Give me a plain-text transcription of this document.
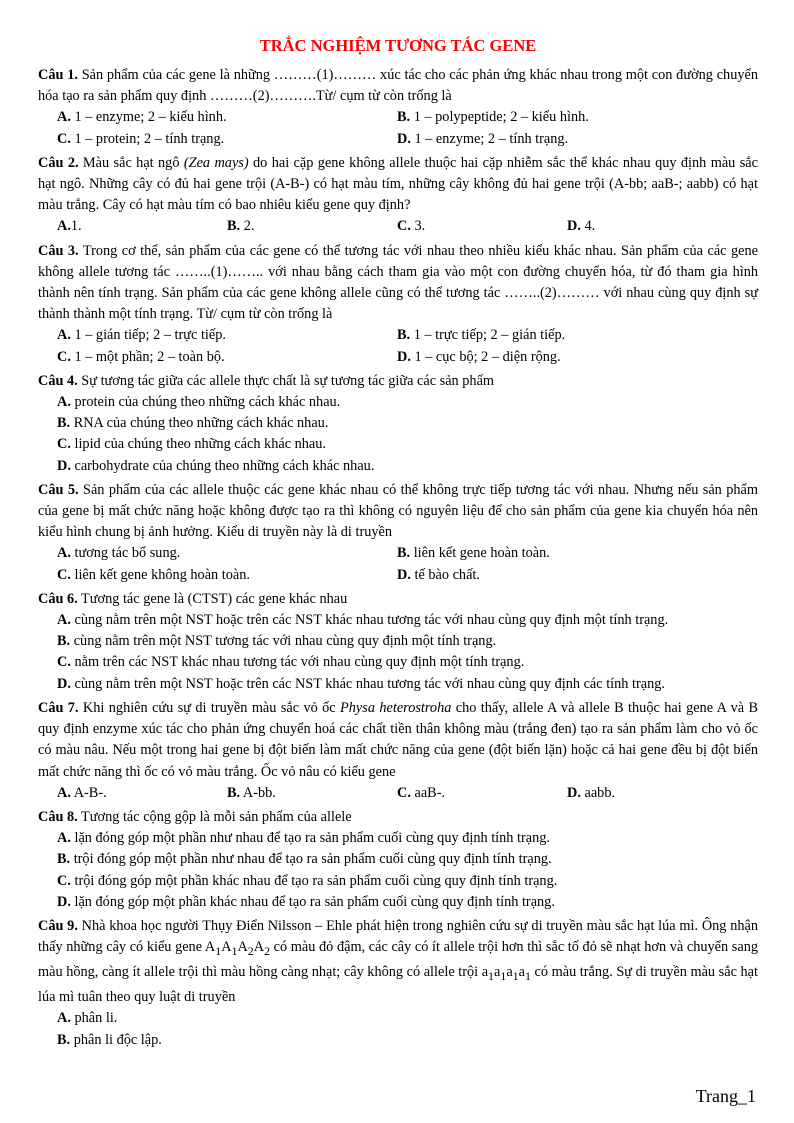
TRẮC NGHIỆM TƯƠNG TÁC GENE

Câu 1. Sản phẩm của các gene là những ………(1)……… xúc tác cho các phản ứng khác nhau trong một con đường chuyển hóa tạo ra sản phẩm quy định ………(2)……….Từ/ cụm từ còn trống là

A. 1 – enzyme; 2 – kiểu hình.	B. 1 – polypeptide; 2 – kiểu hình.
C. 1 – protein; 2 – tính trạng.	D. 1 – enzyme; 2 – tính trạng.

Câu 2. Màu sắc hạt ngô (Zea mays) do hai cặp gene không allele thuộc hai cặp nhiễm sắc thể khác nhau quy định màu sắc hạt ngô. Những cây có đủ hai gene trội (A-B-) có hạt màu tím, những cây không đủ hai gene trội (A-bb; aaB-; aabb) có hạt màu trắng. Cây có hạt màu tím có bao nhiêu kiểu gene quy định?

A.1.	B. 2.	C. 3.	D. 4.

Câu 3. Trong cơ thể, sản phẩm của các gene có thể tương tác với nhau theo nhiều kiểu khác nhau. Sản phẩm của các gene không allele tương tác ……..(1)…….. với nhau bằng cách tham gia vào một con đường chuyển hóa, từ đó tham gia hình thành nên tính trạng. Sản phẩm của các gene không allele cũng có thể tương tác ……..(2)……… với nhau cùng quy định sự thành thành một tính trạng. Từ/ cụm từ còn trống là

A. 1 – gián tiếp; 2 – trực tiếp.	B. 1 – trực tiếp; 2 – gián tiếp.
C. 1 – một phần; 2 – toàn bộ.	D. 1 – cục bộ; 2 – diện rộng.

Câu 4. Sự tương tác giữa các allele thực chất là sự tương tác giữa các sản phẩm

A. protein của chúng theo những cách khác nhau.
B. RNA của chúng theo những cách khác nhau.
C. lipid của chúng theo những cách khác nhau.
D. carbohydrate của chúng theo những cách khác nhau.

Câu 5. Sản phẩm của các allele thuộc các gene khác nhau có thể không trực tiếp tương tác với nhau. Nhưng nếu sản phẩm của gene bị mất chức năng hoặc không được tạo ra thì không có nguyên liệu để cho sản phẩm của gene kia chuyển hóa nên kiểu hình chung bị ảnh hưởng. Kiểu di truyền này là di truyền

A. tương tác bổ sung.	B. liên kết gene hoàn toàn.
C. liên kết gene không hoàn toàn.	D. tế bào chất.

Câu 6. Tương tác gene là (CTST) các gene khác nhau

A. cùng nằm trên một NST hoặc trên các NST khác nhau tương tác với nhau cùng quy định một tính trạng.
B. cùng nằm trên một NST tương tác với nhau cùng quy định một tính trạng.
C. nằm trên các NST khác nhau tương tác với nhau cùng quy định một tính trạng.
D. cùng nằm trên một NST hoặc trên các NST khác nhau tương tác với nhau cùng quy định các tính trạng.

Câu 7. Khi nghiên cứu sự di truyền màu sắc vỏ ốc Physa heterostroha cho thấy, allele A và allele B thuộc hai gene A và B quy định enzyme xúc tác cho phản ứng chuyển hoá các chất tiền thân không màu (trắng đen) tạo ra sản phẩm làm cho vỏ ốc có màu nâu. Nếu một trong hai gene bị đột biến làm mất chức năng của gene (đột biến lặn) hoặc cả hai gene đều bị đột biến mất chức năng thì ốc có vỏ màu trắng. Ốc vỏ nâu có kiểu gene

A. A-B-.	B. A-bb.	C. aaB-.	D. aabb.

Câu 8. Tương tác cộng gộp là mỗi sản phẩm của allele

A. lặn đóng góp một phần như nhau để tạo ra sản phẩm cuối cùng quy định tính trạng.
B. trội đóng góp một phần như nhau để tạo ra sản phẩm cuối cùng quy định tính trạng.
C. trội đóng góp một phần khác nhau để tạo ra sản phẩm cuối cùng quy định tính trạng.
D. lặn đóng góp một phần khác nhau để tạo ra sản phẩm cuối cùng quy định tính trạng.

Câu 9. Nhà khoa học người Thụy Điển Nilsson – Ehle phát hiện trong nghiên cứu sự di truyền màu sắc hạt lúa mì. Ông nhận thấy những cây có kiểu gene $A_1A_1A_2A_2$ có màu đỏ đậm, các cây có ít allele trội hơn thì sắc tố đỏ sẽ nhạt hơn và chuyển sang màu hồng, càng ít allele trội thì màu hồng càng nhạt; cây không có allele trội $a_1a_1a_1a_1$ có màu trắng. Sự di truyền màu sắc hạt lúa mì tuân theo quy luật di truyền

A. phân li.
B. phân li độc lập.
Trang_1
